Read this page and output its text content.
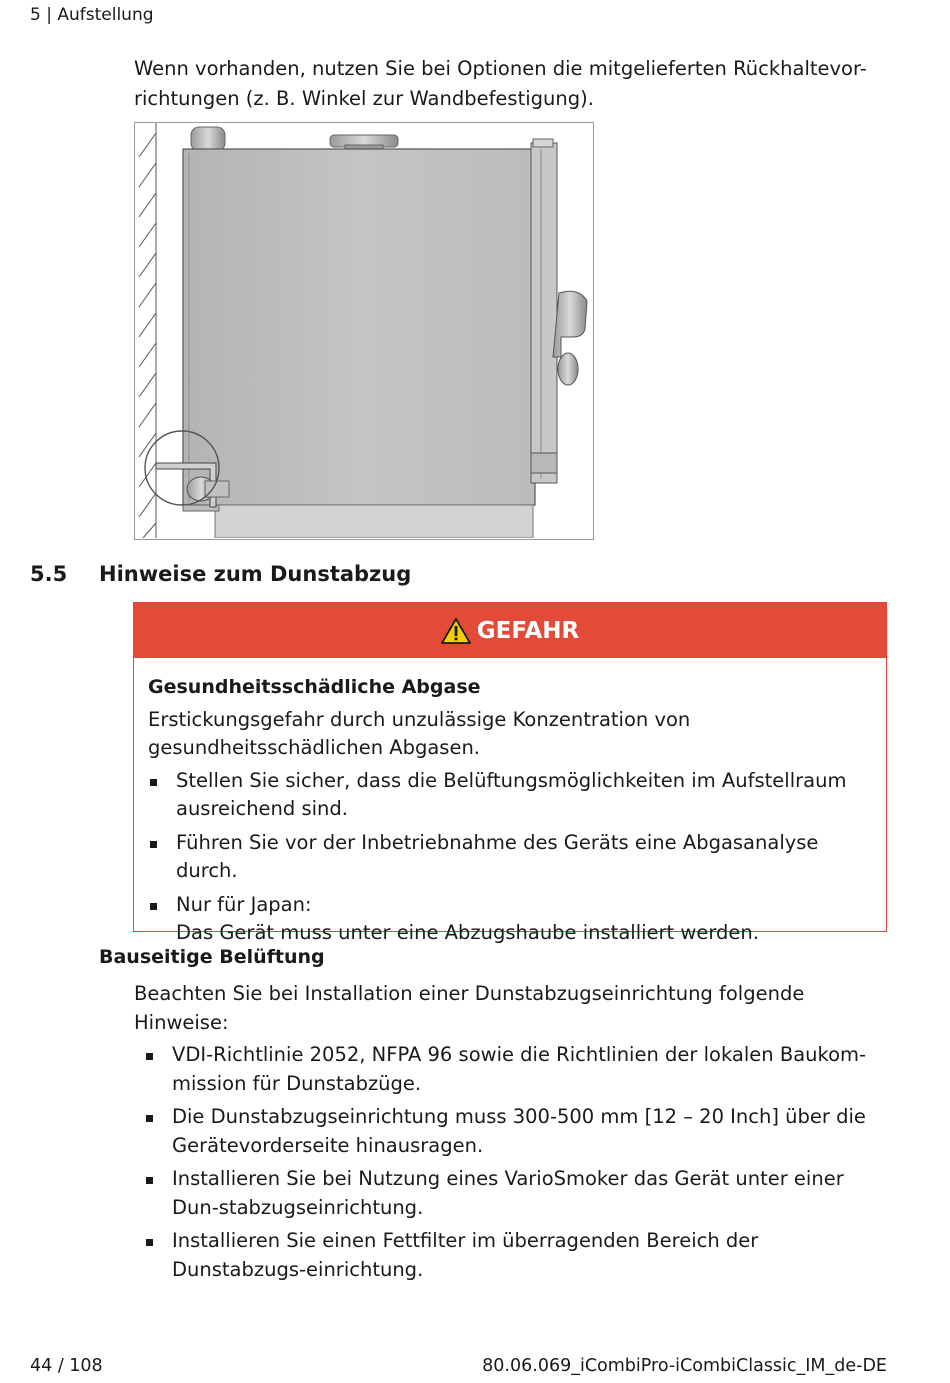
5 | Aufstellung
Wenn vorhanden, nutzen Sie bei Optionen die mitgelieferten Rückhaltevor-richtungen (z. B. Winkel zur Wandbefestigung).
5.5 Hinweise zum Dunstabzug
GEFAHR
Gesundheitsschädliche Abgase
Erstickungsgefahr durch unzulässige Konzentration von gesundheitsschädlichen Abgasen.
Stellen Sie sicher, dass die Belüftungsmöglichkeiten im Aufstellraum ausreichend sind.
Führen Sie vor der Inbetriebnahme des Geräts eine Abgasanalyse durch.
Nur für Japan:
Das Gerät muss unter eine Abzugshaube installiert werden.
Bauseitige Belüftung
Beachten Sie bei Installation einer Dunstabzugseinrichtung folgende Hinweise:
VDI-Richtlinie 2052, NFPA 96 sowie die Richtlinien der lokalen Baukom-mission für Dunstabzüge.
Die Dunstabzugseinrichtung muss 300-500 mm [12 – 20 Inch] über die Gerätevorderseite hinausragen.
Installieren Sie bei Nutzung eines VarioSmoker das Gerät unter einer Dun-stabzugseinrichtung.
Installieren Sie einen Fettfilter im überragenden Bereich der Dunstabzugs-einrichtung.
44 / 108	80.06.069_iCombiPro-iCombiClassic_IM_de-DE
